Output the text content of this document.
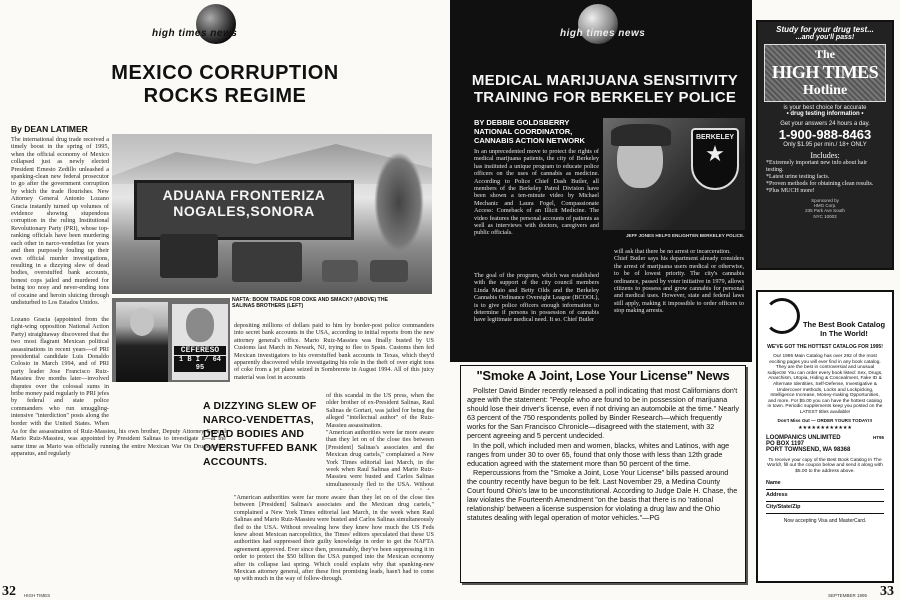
high times news
MEXICO CORRUPTION
ROCKS REGIME
By DEAN LATIMER
The international drug trade received a timely boost in the spring of 1995, when the official economy of Mexico collapsed just as newly elected President Ernesto Zedillo unleashed a spanking-clean new federal prosecutor to go after the government corruption by which the trade flourishes. New Attorney General Antonio Lozano Gracia instantly turned up volumes of evidence showing stupendous corruption in the ruling Institutional Revolutionary Party (PRI), whose top-ranking officials have been murdering each other in narco-vendettas for years and then purposely fouling up their own official murder investigations, resulting in a dizzying slew of dead bodies, overstuffed bank accounts, honest cops jailed and murdered for being too nosy and never-ending tons of cocaine and heroin sluicing through undisturbed to Los Estados Unidos.
ADUANA FRONTERIZA
NOGALES,SONORA
NAFTA: BOOM TRADE FOR COKE AND SMACK? (ABOVE) THE SALINAS BROTHERS (LEFT)
CEFERESO
1 B I / 64 95
Lozano Gracia (appointed from the right-wing opposition National Action Party) straightaway discovered that the two most flagrant Mexican political assassinations in recent years—of PRI presidential candidate Luis Donaldo Colosio in March 1994, and of PRI party leader Jose Francisco Ruiz-Massieu five months later—involved disputes over the colossal sums in bribe money paid regularly to PRI jefes by federal and state police commanders who run smuggling-intensive "interdiction" posts along the border with the United States. When
As for the assassination of Ruiz-Massieu, his own brother, Deputy Attorney General Mario Ruiz-Massieu, was appointed by President Salinas to investigate it—at the same time as Mario was officially running the entire Mexican War On Drugs police apparatus, and regularly
depositing millions of dollars paid to him by border-post police commanders into secret bank accounts in the USA, according to initial reports from the new attorney general's office. Mario Ruiz-Massieu was finally busted by US Customs last March in Newark, NJ, trying to flee to Spain. Customs then fed Mexican investigators to his overstuffed bank accounts in Texas, which they'd apparently discovered while investigating his role in the theft of over eight tons of coke from a jet plane seized in Sombrerete in August 1994. All of this juicy material was lost in accounts
A DIZZYING SLEW OF NARCO-VENDETTAS, DEAD BODIES AND OVERSTUFFED BANK ACCOUNTS.
of this scandal in the US press, when the older brother of ex-President Salinas, Raul Salinas de Gortari, was jailed for being the alleged "intellectual author" of the Ruiz-Massieu assassination.
"American authorities were far more aware than they let on of the close ties between [President] Salinas's associates and the Mexican drug cartels," complained a New York Times editorial last March, in the week when Raul Salinas and Mario Ruiz-Massieu were busted and Carlos Salinas simultaneously fled to the USA. Without
"American authorities were far more aware than they let on of the close ties between [President] Salinas's associates and the Mexican drug cartels," complained a New York Times editorial last March, in the week when Raul Salinas and Mario Ruiz-Massieu were busted and Carlos Salinas simultaneously fled to the USA. Without revealing how they knew how much the US Feds knew about Mexican narcopolitics, the Times' editors speculated that these US authorities had suppressed their guilty knowledge in order to get the NAFTA agreement approved. Ever since then, presumably, they've been suppressing it in order to protect the $50 billion the USA pumped into the Mexican economy after its collapse last spring. Which could explain why that spanking-new Mexican attorney general, after these first promising leads, hasn't had to come up with much in the way of follow-through.
32 HIGH TIMES
high times news
MEDICAL MARIJUANA SENSITIVITY
TRAINING FOR BERKELEY POLICE
BY DEBBIE GOLDSBERRY
NATIONAL COORDINATOR,
CANNABIS ACTION NETWORK
In an unprecedented move to protect the rights of medical marijuana patients, the city of Berkeley has instituted a unique program to educate police officers on the uses of cannabis as medicine. According to Police Chief Dash Butler, all members of the Berkeley Patrol Division have been shown a ten-minute video by Michael Mechanic and Laura Fogel, Compassionate Access: Comeback of an Illicit Medicine. The video features the personal accounts of patients as well as interviews with doctors, caregivers and public officials.
BERKELEY
★
JEFF JONES HELPS ENLIGHTEN BERKELEY POLICE.
The goal of the program, which was established with the support of the city council members Linda Maio and Betty Olds and the Berkeley Cannabis Ordinance Oversight League (BCOOL), is to give police officers enough information to determine if persons in possession of cannabis have legitimate medical need. It so. Chief Butler
will ask that there be no arrest or incarceration.
Chief Butler says his department already considers the arrest of marijuana users medical or otherwise, to be of lowest priority. The city's cannabis ordinance, passed by voter initiative in 1979, allows citizens to possess and grow cannabis for personal and medical uses. However, state and federal laws still apply, making it impossible to order officers to stop making arrests.
"Smoke A Joint, Lose Your License" News

Pollster David Binder recently released a poll indicating that most Californians don't agree with the statement: "People who are found to be in possession of marijuana should lose their driver's license, even if not driving an automobile at the time." Nearly 63 percent of the 750 respondents polled by Binder Research—which frequently works for the San Francisco Chronicle—disagreed with the statement, with 32 percent agreeing and 5 percent undecided.

In the poll, which included men and women, blacks, whites and Latinos, with age ranges from under 30 to over 65, found that only those with less than 12th grade education agreed with the statement more than 50 percent of the time.

Repercussions from the "Smoke a Joint, Lose Your License" bills passed around the country recently have begun to be felt. Last November 29, a Medina County Court found Ohio's law to be unconstitutional. According to Judge Dale H. Chase, the law violates the Fourteenth Amendment "on the basis that there is no 'rational relationship' between a license suspension for violating a drug law and the Ohio statutes dealing with legal operation of motor vehicles."—PG

Study for your drug test...
...and you'll pass!
The
HIGH TIMES
Hotline
is your best choice for accurate
• drug testing information •
Get your answers 24 hours a day.
1-900-988-8463
Only $1.95 per min./ 18+ ONLY
Includes:
*Extremely important new info about hair testing.
*Latest urine testing facts.
*Proven methods for obtaining clean results.
*Plus MUCH more!
Sponsored by
HMG Corp.
235 Park Ave South
NYC 10003
The Best Book Catalog
In The World!
WE'VE GOT THE HOTTEST CATALOG FOR 1995!
Our 1995 Main Catalog has over 292 of the most exciting pages you will ever find in any book catalog. They are the best in controversial and unusual subjects! You can order every book listed: Sex, Drugs, Anarchism, Utopia, Hiding & Concealment, Fake ID & Alternate Identities, Self-Defense, Investigative & Undercover methods, Locks and Lockpicking, Intelligence Increase, Money-making Opportunities, and more. For $5.00 you can have the hottest catalog in town. Periodic supplements keep you posted on the LATEST titles available!
Don't Miss Out — ORDER YOURS TODAY!!!
★★★★★★★★★★★★
LOOMPANICS UNLIMITED	HT95
PO BOX 1197
PORT TOWNSEND, WA 98368
To receive your copy of the Best Book Catalog In The World!, fill out the coupon below and send it along with $5.00 to the address above.
Name
Address
City/State/Zip
Now accepting Visa and MasterCard.
SEPTEMBER 1995 33
